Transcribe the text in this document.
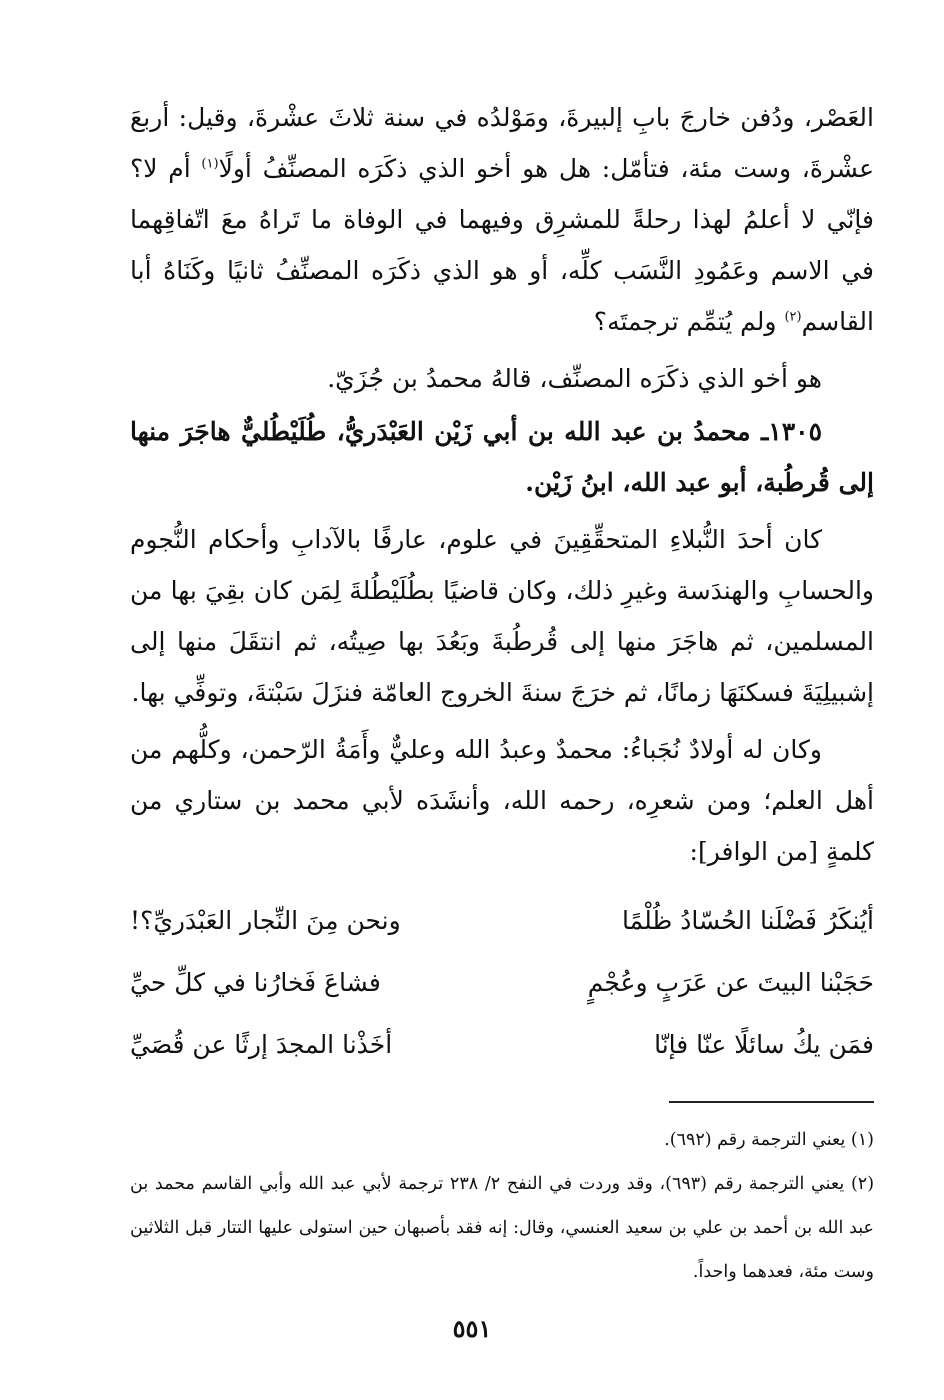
العَصْر، ودُفن خارجَ بابِ إلبيرةَ، ومَوْلدُه في سنة ثلاثَ عشْرةَ، وقيل: أربعَ عشْرةَ، وست مئة، فتأمّل: هل هو أخو الذي ذكَرَه المصنِّفُ أولًا$^{(١)}$ أم لا؟ فإنّي لا أعلمُ لهذا رحلةً للمشرِق وفيهما في الوفاة ما تَراهُ معَ اتّفاقِهما في الاسم وعَمُودِ النَّسَب كلِّه، أو هو الذي ذكَرَه المصنِّفُ ثانيًا وكَنَاهُ أبا القاسم$^{(٢)}$ ولم يُتمِّم ترجمتَه؟

هو أخو الذي ذكَرَه المصنِّف، قالهُ محمدُ بن جُزَيّ.

١٣٠٥ـ محمدُ بن عبد الله بن أبي زَيْن العَبْدَريُّ، طُلَيْطُليٌّ هاجَرَ منها إلى قُرطُبة، أبو عبد الله، ابنُ زَيْن.

كان أحدَ النُّبلاءِ المتحقِّقِينَ في علوم، عارفًا بالآدابِ وأحكام النُّجوم والحسابِ والهندَسة وغيرِ ذلك، وكان قاضيًا بطُلَيْطُلةَ لِمَن كان بقِيَ بها من المسلمين، ثم هاجَرَ منها إلى قُرطُبةَ وبَعُدَ بها صِيتُه، ثم انتقَلَ منها إلى إشبيلِيَةَ فسكنَهَا زمانًا، ثم خرَجَ سنةَ الخروج العامّة فنزَلَ سَبْتةَ، وتوفِّي بها.

وكان له أولادٌ نُجَباءُ: محمدٌ وعبدُ الله وعليٌّ وأَمَةُ الرّحمن، وكلُّهم من أهل العلم؛ ومن شعرِه، رحمه الله، وأنشَدَه لأبي محمد بن ستاري من كلمةٍ [من الوافر]:

أيُنكَرُ فَضْلَنا الحُسّادُ ظُلْمًا
ونحن مِنَ النِّجار العَبْدَريِّ؟!
حَجَبْنا البيتَ عن عَرَبٍ وعُجْمٍ
فشاعَ فَخارُنا في كلِّ حيِّ
فمَن يكُ سائلًا عنّا فإنّا
أخَذْنا المجدَ إرثًا عن قُصَيِّ

(١) يعني الترجمة رقم (٦٩٢).

(٢) يعني الترجمة رقم (٦٩٣)، وقد وردت في النفح ٢/ ٢٣٨ ترجمة لأبي عبد الله وأبي القاسم محمد بن عبد الله بن أحمد بن علي بن سعيد العنسي، وقال: إنه فقد بأصبهان حين استولى عليها التتار قبل الثلاثين وست مئة، فعدهما واحداً.

٥٥١
